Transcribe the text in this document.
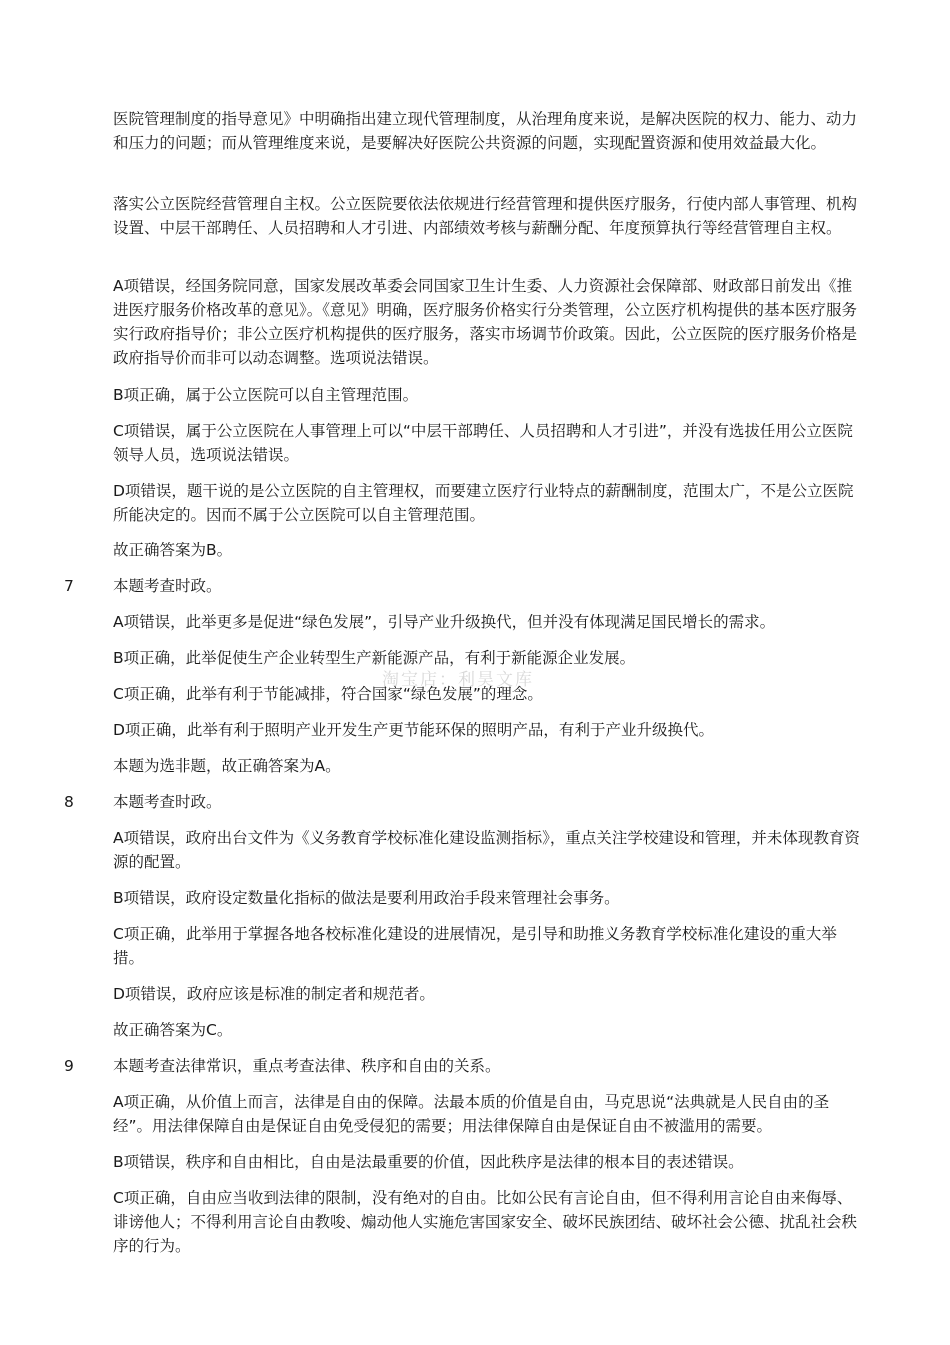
淘宝店：利昊文库

医院管理制度的指导意见》中明确指出建立现代管理制度，从治理角度来说，是解决医院的权力、能力、动力和压力的问题；而从管理维度来说，是要解决好医院公共资源的问题，实现配置资源和使用效益最大化。

落实公立医院经营管理自主权。公立医院要依法依规进行经营管理和提供医疗服务，行使内部人事管理、机构设置、中层干部聘任、人员招聘和人才引进、内部绩效考核与薪酬分配、年度预算执行等经营管理自主权。

A项错误，经国务院同意，国家发展改革委会同国家卫生计生委、人力资源社会保障部、财政部日前发出《推进医疗服务价格改革的意见》。《意见》明确，医疗服务价格实行分类管理，公立医疗机构提供的基本医疗服务实行政府指导价；非公立医疗机构提供的医疗服务，落实市场调节价政策。因此，公立医院的医疗服务价格是政府指导价而非可以动态调整。选项说法错误。

B项正确，属于公立医院可以自主管理范围。

C项错误，属于公立医院在人事管理上可以“中层干部聘任、人员招聘和人才引进”，并没有选拔任用公立医院领导人员，选项说法错误。

D项错误，题干说的是公立医院的自主管理权，而要建立医疗行业特点的薪酬制度，范围太广，不是公立医院所能决定的。因而不属于公立医院可以自主管理范围。

故正确答案为B。

7	本题考查时政。

A项错误，此举更多是促进“绿色发展”，引导产业升级换代，但并没有体现满足国民增长的需求。

B项正确，此举促使生产企业转型生产新能源产品，有利于新能源企业发展。

C项正确，此举有利于节能减排，符合国家“绿色发展”的理念。

D项正确，此举有利于照明产业开发生产更节能环保的照明产品，有利于产业升级换代。

本题为选非题，故正确答案为A。

8	本题考查时政。

A项错误，政府出台文件为《义务教育学校标准化建设监测指标》，重点关注学校建设和管理，并未体现教育资源的配置。

B项错误，政府设定数量化指标的做法是要利用政治手段来管理社会事务。

C项正确，此举用于掌握各地各校标准化建设的进展情况，是引导和助推义务教育学校标准化建设的重大举措。

D项错误，政府应该是标准的制定者和规范者。

故正确答案为C。

9	本题考查法律常识，重点考查法律、秩序和自由的关系。

A项正确，从价值上而言，法律是自由的保障。法最本质的价值是自由，马克思说“法典就是人民自由的圣经”。用法律保障自由是保证自由免受侵犯的需要；用法律保障自由是保证自由不被滥用的需要。

B项错误，秩序和自由相比，自由是法最重要的价值，因此秩序是法律的根本目的表述错误。

C项正确，自由应当收到法律的限制，没有绝对的自由。比如公民有言论自由，但不得利用言论自由来侮辱、诽谤他人；不得利用言论自由教唆、煽动他人实施危害国家安全、破坏民族团结、破坏社会公德、扰乱社会秩序的行为。
